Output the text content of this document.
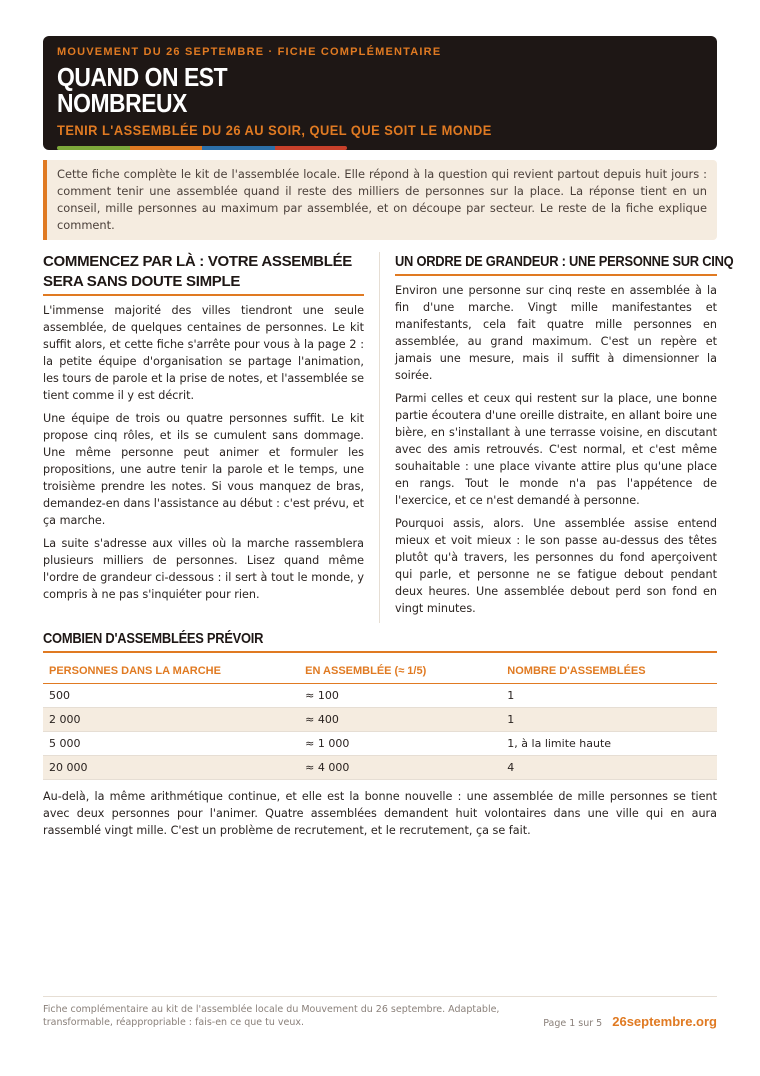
MOUVEMENT DU 26 SEPTEMBRE · FICHE COMPLÉMENTAIRE
QUAND ON EST NOMBREUX
TENIR L'ASSEMBLÉE DU 26 AU SOIR, QUEL QUE SOIT LE MONDE
Cette fiche complète le kit de l'assemblée locale. Elle répond à la question qui revient partout depuis huit jours : comment tenir une assemblée quand il reste des milliers de personnes sur la place. La réponse tient en un conseil, mille personnes au maximum par assemblée, et on découpe par secteur. Le reste de la fiche explique comment.
COMMENCEZ PAR LÀ : VOTRE ASSEMBLÉE SERA SANS DOUTE SIMPLE

L'immense majorité des villes tiendront une seule assemblée, de quelques centaines de personnes. Le kit suffit alors, et cette fiche s'arrête pour vous à la page 2 : la petite équipe d'organisation se partage l'animation, les tours de parole et la prise de notes, et l'assemblée se tient comme il y est décrit.

Une équipe de trois ou quatre personnes suffit. Le kit propose cinq rôles, et ils se cumulent sans dommage. Une même personne peut animer et formuler les propositions, une autre tenir la parole et le temps, une troisième prendre les notes. Si vous manquez de bras, demandez-en dans l'assistance au début : c'est prévu, et ça marche.

La suite s'adresse aux villes où la marche rassemblera plusieurs milliers de personnes. Lisez quand même l'ordre de grandeur ci-dessous : il sert à tout le monde, y compris à ne pas s'inquiéter pour rien.

UN ORDRE DE GRANDEUR : UNE PERSONNE SUR CINQ

Environ une personne sur cinq reste en assemblée à la fin d'une marche. Vingt mille manifestantes et manifestants, cela fait quatre mille personnes en assemblée, au grand maximum. C'est un repère et jamais une mesure, mais il suffit à dimensionner la soirée.

Parmi celles et ceux qui restent sur la place, une bonne partie écoutera d'une oreille distraite, en allant boire une bière, en s'installant à une terrasse voisine, en discutant avec des amis retrouvés. C'est normal, et c'est même souhaitable : une place vivante attire plus qu'une place en rangs. Tout le monde n'a pas l'appétence de l'exercice, et ce n'est demandé à personne.

Pourquoi assis, alors. Une assemblée assise entend mieux et voit mieux : le son passe au-dessus des têtes plutôt qu'à travers, les personnes du fond aperçoivent qui parle, et personne ne se fatigue debout pendant deux heures. Une assemblée debout perd son fond en vingt minutes.

COMBIEN D'ASSEMBLÉES PRÉVOIR
PERSONNES DANS LA MARCHE	EN ASSEMBLÉE (≈ 1/5)	NOMBRE D'ASSEMBLÉES
500	≈ 100	1
2 000	≈ 400	1
5 000	≈ 1 000	1, à la limite haute
20 000	≈ 4 000	4

Au-delà, la même arithmétique continue, et elle est la bonne nouvelle : une assemblée de mille personnes se tient avec deux personnes pour l'animer. Quatre assemblées demandent huit volontaires dans une ville qui en aura rassemblé vingt mille. C'est un problème de recrutement, et le recrutement, ça se fait.

Fiche complémentaire au kit de l'assemblée locale du Mouvement du 26 septembre. Adaptable, transformable, réappropriable : fais-en ce que tu veux.	Page 1 sur 5 26septembre.org
